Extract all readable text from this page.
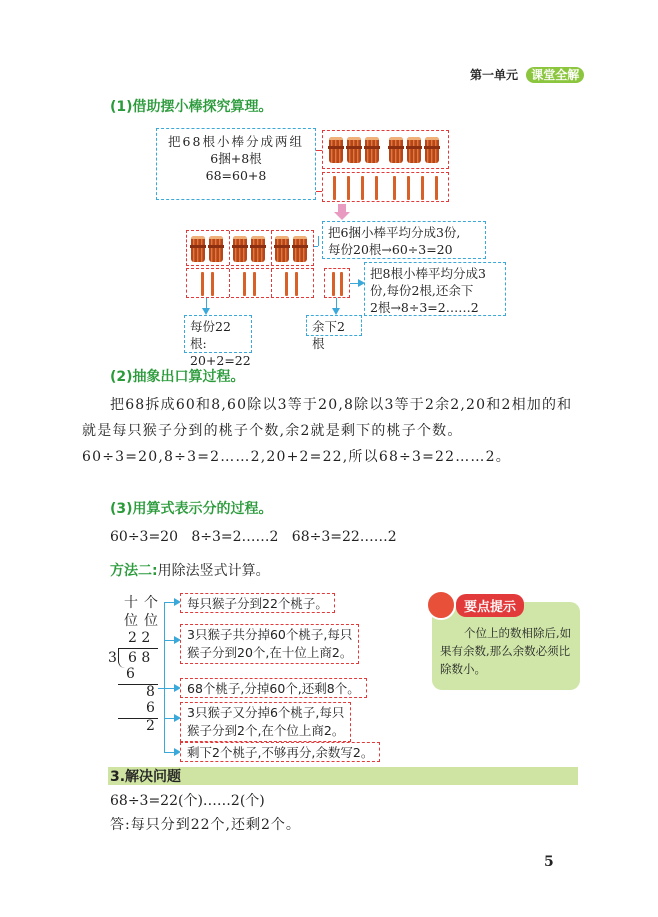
第一单元 课堂全解
(1)借助摆小棒探究算理。
把68根小棒分成两组
6捆+8根
68=60+8
把6捆小棒平均分成3份,
每份20根→60÷3=20
把8根小棒平均分成3
份,每份2根,还余下
2根→8÷3=2……2
每份22根:
20+2=22
余下2根
(2)抽象出口算过程。
把68拆成60和8,60除以3等于20,8除以3等于2余2,20和2相加的和就是每只猴子分到的桃子个数,余2就是剩下的桃子个数。60÷3=20,8÷3=2……2,20+2=22,所以68÷3=22……2。
(3)用算式表示分的过程。
60÷3=20   8÷3=2……2   68÷3=22……2
方法二:用除法竖式计算。
十 个
位 位
2 2
3 6 8
6
8
6
2
每只猴子分到22个桃子。
3只猴子共分掉60个桃子,每只
猴子分到20个,在十位上商2。
68个桃子,分掉60个,还剩8个。
3只猴子又分掉6个桃子,每只
猴子分到2个,在个位上商2。
剩下2个桃子,不够再分,余数写2。
要点提示
个位上的数相除后,如果有余数,那么余数必须比除数小。
3.解决问题
68÷3=22(个)……2(个)
答:每只分到22个,还剩2个。
5
